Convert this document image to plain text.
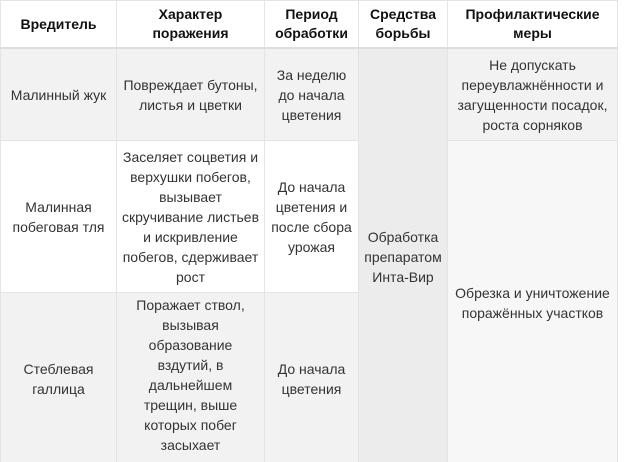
Вредитель	Характер поражения	Период обработки	Средства борьбы	Профилактические меры
Малинный жук	Повреждает бутоны, листья и цветки	За неделю до начала цветения	Обработка препаратом Инта-Вир	Не допускать переувлажнённости и загущенности посадок, роста сорняков
Малинная побеговая тля	Заселяет соцветия и верхушки побегов, вызывает скручивание листьев и искривление побегов, сдерживает рост	До начала цветения и после сбора урожая		Обрезка и уничтожение поражённых участков
Стеблевая галлица	Поражает ствол, вызывая образование вздутий, в дальнейшем трещин, выше которых побег засыхает	До начала цветения		
